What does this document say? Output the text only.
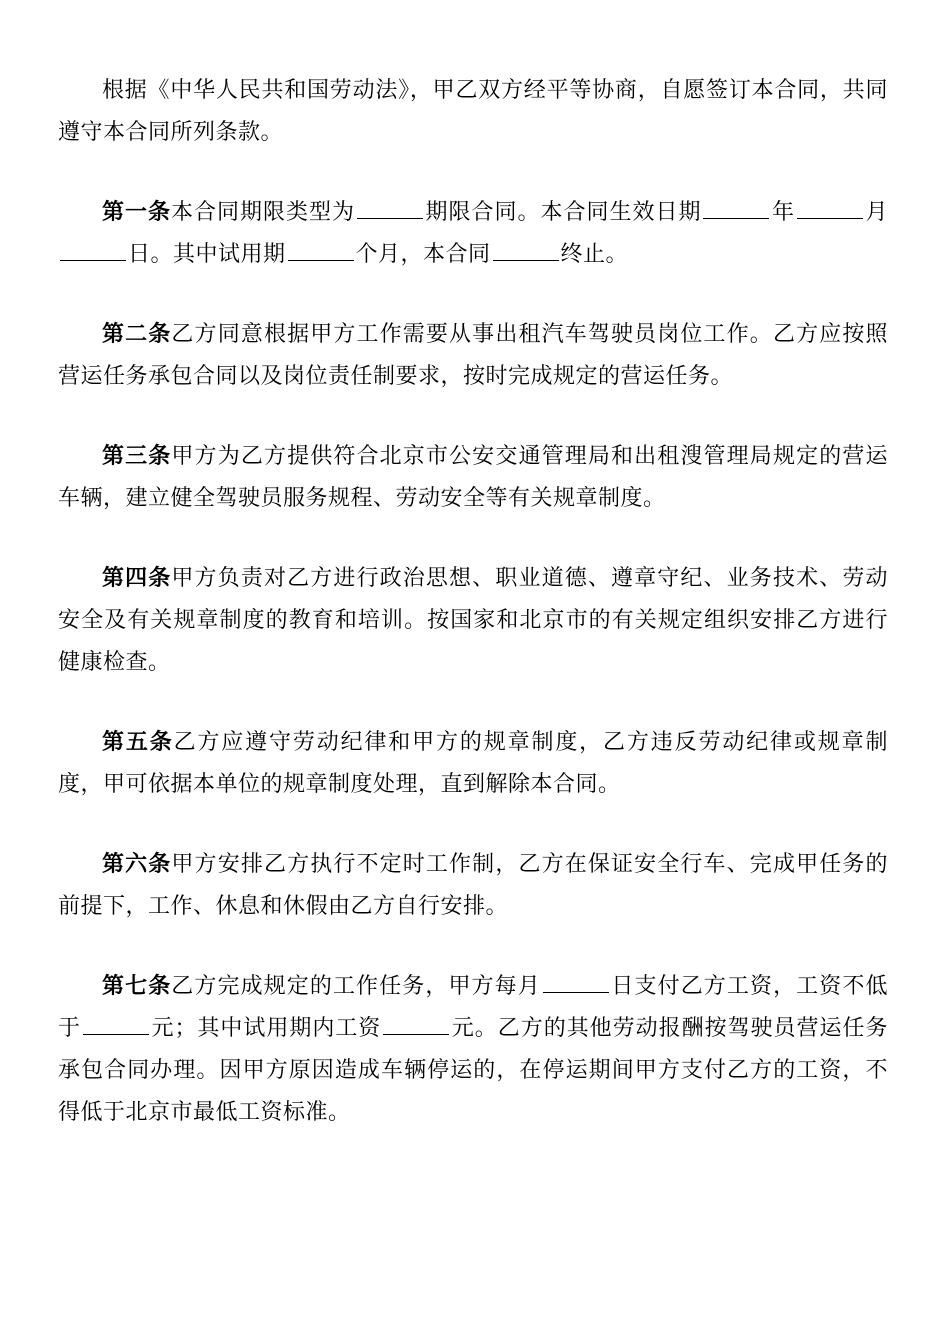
根据《中华人民共和国劳动法》，甲乙双方经平等协商，自愿签订本合同，共同遵守本合同所列条款。

第一条本合同期限类型为	期限合同。本合同生效日期	年	月日。其中试用期	个月，本合同	终止。

第二条乙方同意根据甲方工作需要从事出租汽车驾驶员岗位工作。乙方应按照营运任务承包合同以及岗位责任制要求，按时完成规定的营运任务。

第三条甲方为乙方提供符合北京市公安交通管理局和出租溲管理局规定的营运车辆，建立健全驾驶员服务规程、劳动安全等有关规章制度。

第四条甲方负责对乙方进行政治思想、职业道德、遵章守纪、业务技术、劳动安全及有关规章制度的教育和培训。按国家和北京市的有关规定组织安排乙方进行健康检查。

第五条乙方应遵守劳动纪律和甲方的规章制度，乙方违反劳动纪律或规章制度，甲可依据本单位的规章制度处理，直到解除本合同。

第六条甲方安排乙方执行不定时工作制，乙方在保证安全行车、完成甲任务的前提下，工作、休息和休假由乙方自行安排。

第七条乙方完成规定的工作任务，甲方每月	日支付乙方工资，工资不低于	元；其中试用期内工资	元。乙方的其他劳动报酬按驾驶员营运任务承包合同办理。因甲方原因造成车辆停运的，在停运期间甲方支付乙方的工资，不得低于北京市最低工资标准。
